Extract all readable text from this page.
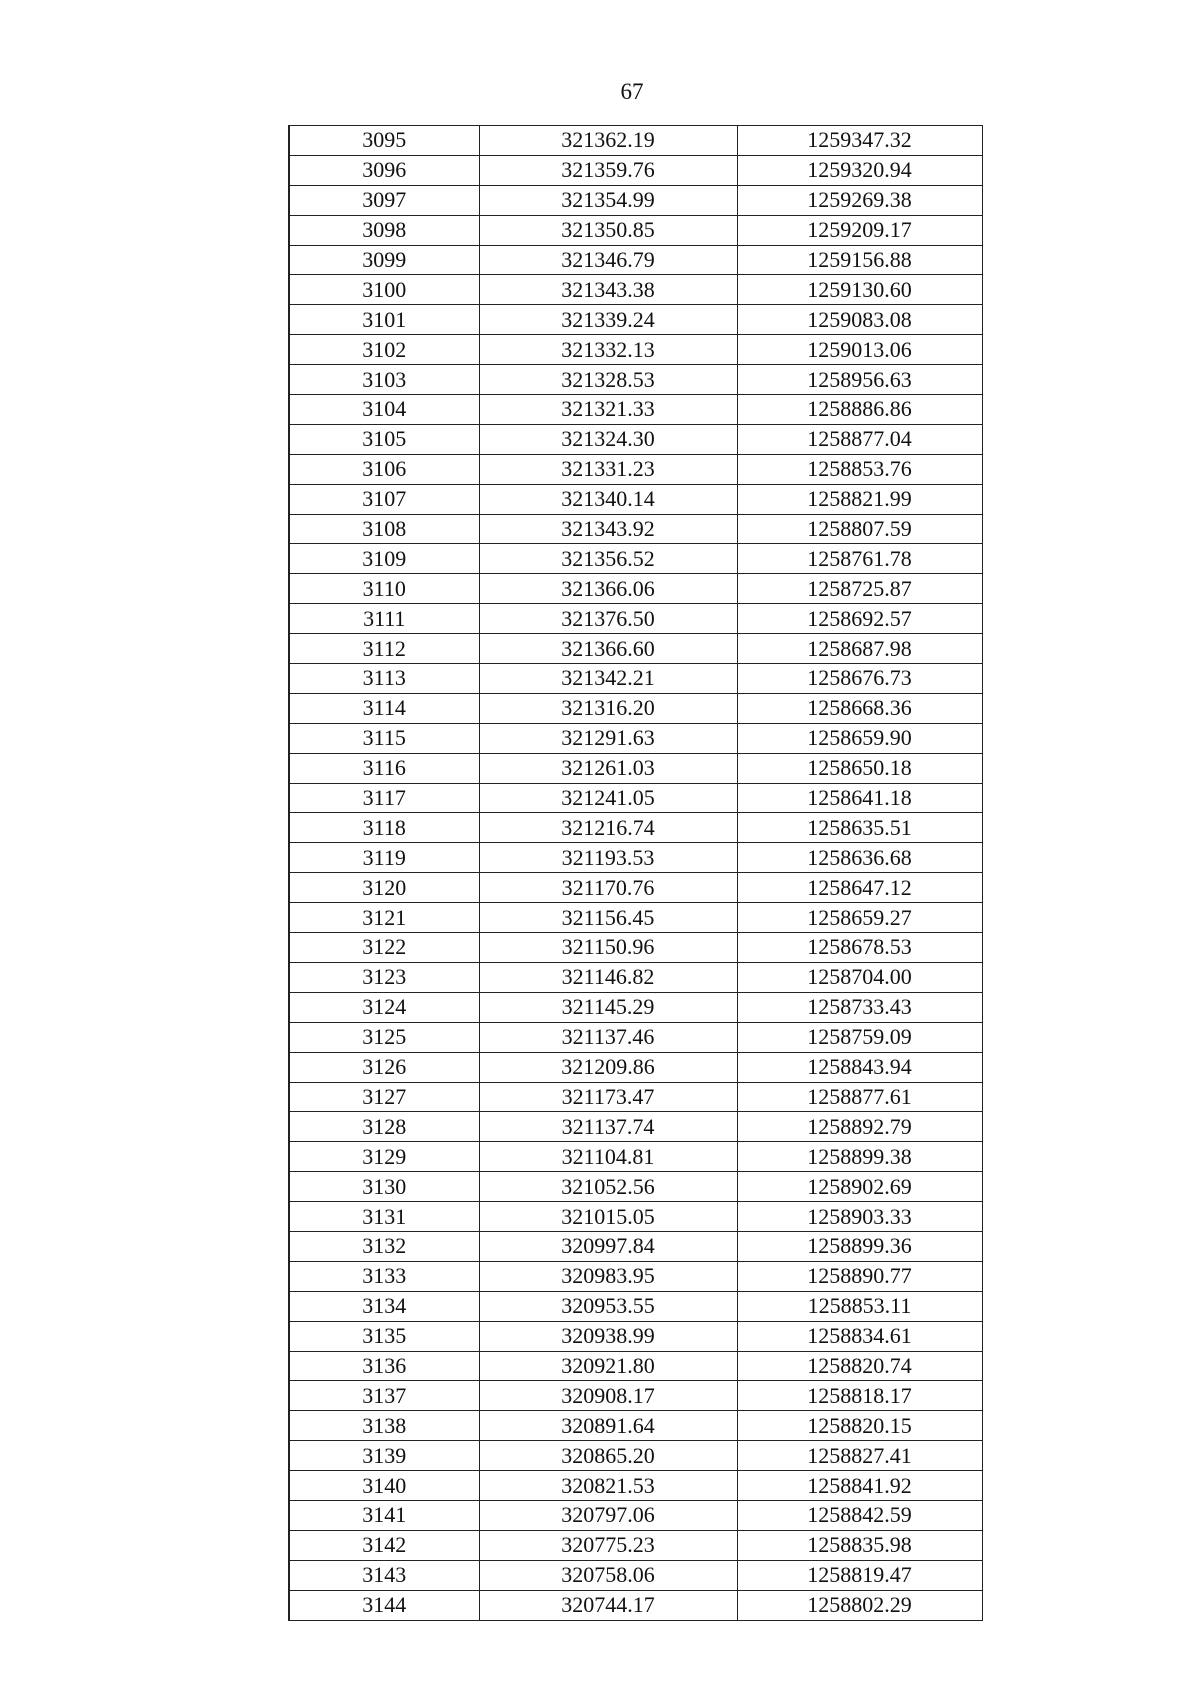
67
3095	321362.19	1259347.32
3096	321359.76	1259320.94
3097	321354.99	1259269.38
3098	321350.85	1259209.17
3099	321346.79	1259156.88
3100	321343.38	1259130.60
3101	321339.24	1259083.08
3102	321332.13	1259013.06
3103	321328.53	1258956.63
3104	321321.33	1258886.86
3105	321324.30	1258877.04
3106	321331.23	1258853.76
3107	321340.14	1258821.99
3108	321343.92	1258807.59
3109	321356.52	1258761.78
3110	321366.06	1258725.87
3111	321376.50	1258692.57
3112	321366.60	1258687.98
3113	321342.21	1258676.73
3114	321316.20	1258668.36
3115	321291.63	1258659.90
3116	321261.03	1258650.18
3117	321241.05	1258641.18
3118	321216.74	1258635.51
3119	321193.53	1258636.68
3120	321170.76	1258647.12
3121	321156.45	1258659.27
3122	321150.96	1258678.53
3123	321146.82	1258704.00
3124	321145.29	1258733.43
3125	321137.46	1258759.09
3126	321209.86	1258843.94
3127	321173.47	1258877.61
3128	321137.74	1258892.79
3129	321104.81	1258899.38
3130	321052.56	1258902.69
3131	321015.05	1258903.33
3132	320997.84	1258899.36
3133	320983.95	1258890.77
3134	320953.55	1258853.11
3135	320938.99	1258834.61
3136	320921.80	1258820.74
3137	320908.17	1258818.17
3138	320891.64	1258820.15
3139	320865.20	1258827.41
3140	320821.53	1258841.92
3141	320797.06	1258842.59
3142	320775.23	1258835.98
3143	320758.06	1258819.47
3144	320744.17	1258802.29
